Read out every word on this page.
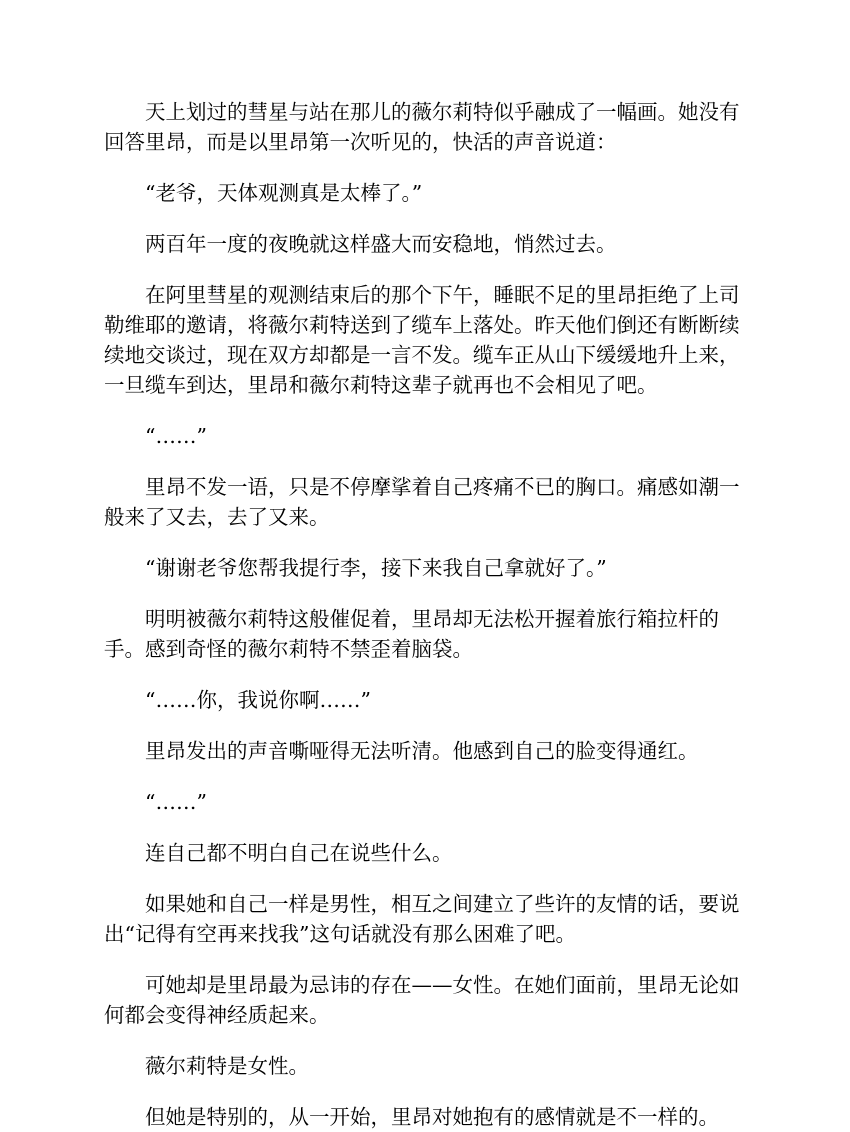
天上划过的彗星与站在那儿的薇尔莉特似乎融成了一幅画。她没有回答里昂，而是以里昂第一次听见的，快活的声音说道：

“老爷，天体观测真是太棒了。”

两百年一度的夜晚就这样盛大而安稳地，悄然过去。

在阿里彗星的观测结束后的那个下午，睡眠不足的里昂拒绝了上司勒维耶的邀请，将薇尔莉特送到了缆车上落处。昨天他们倒还有断断续续地交谈过，现在双方却都是一言不发。缆车正从山下缓缓地升上来，一旦缆车到达，里昂和薇尔莉特这辈子就再也不会相见了吧。

“……”

里昂不发一语，只是不停摩挲着自己疼痛不已的胸口。痛感如潮一般来了又去，去了又来。

“谢谢老爷您帮我提行李，接下来我自己拿就好了。”

明明被薇尔莉特这般催促着，里昂却无法松开握着旅行箱拉杆的手。感到奇怪的薇尔莉特不禁歪着脑袋。

“……你，我说你啊……”

里昂发出的声音嘶哑得无法听清。他感到自己的脸变得通红。

“……”

连自己都不明白自己在说些什么。

如果她和自己一样是男性，相互之间建立了些许的友情的话，要说出“记得有空再来找我”这句话就没有那么困难了吧。

可她却是里昂最为忌讳的存在——女性。在她们面前，里昂无论如何都会变得神经质起来。

薇尔莉特是女性。

但她是特别的，从一开始，里昂对她抱有的感情就是不一样的。
